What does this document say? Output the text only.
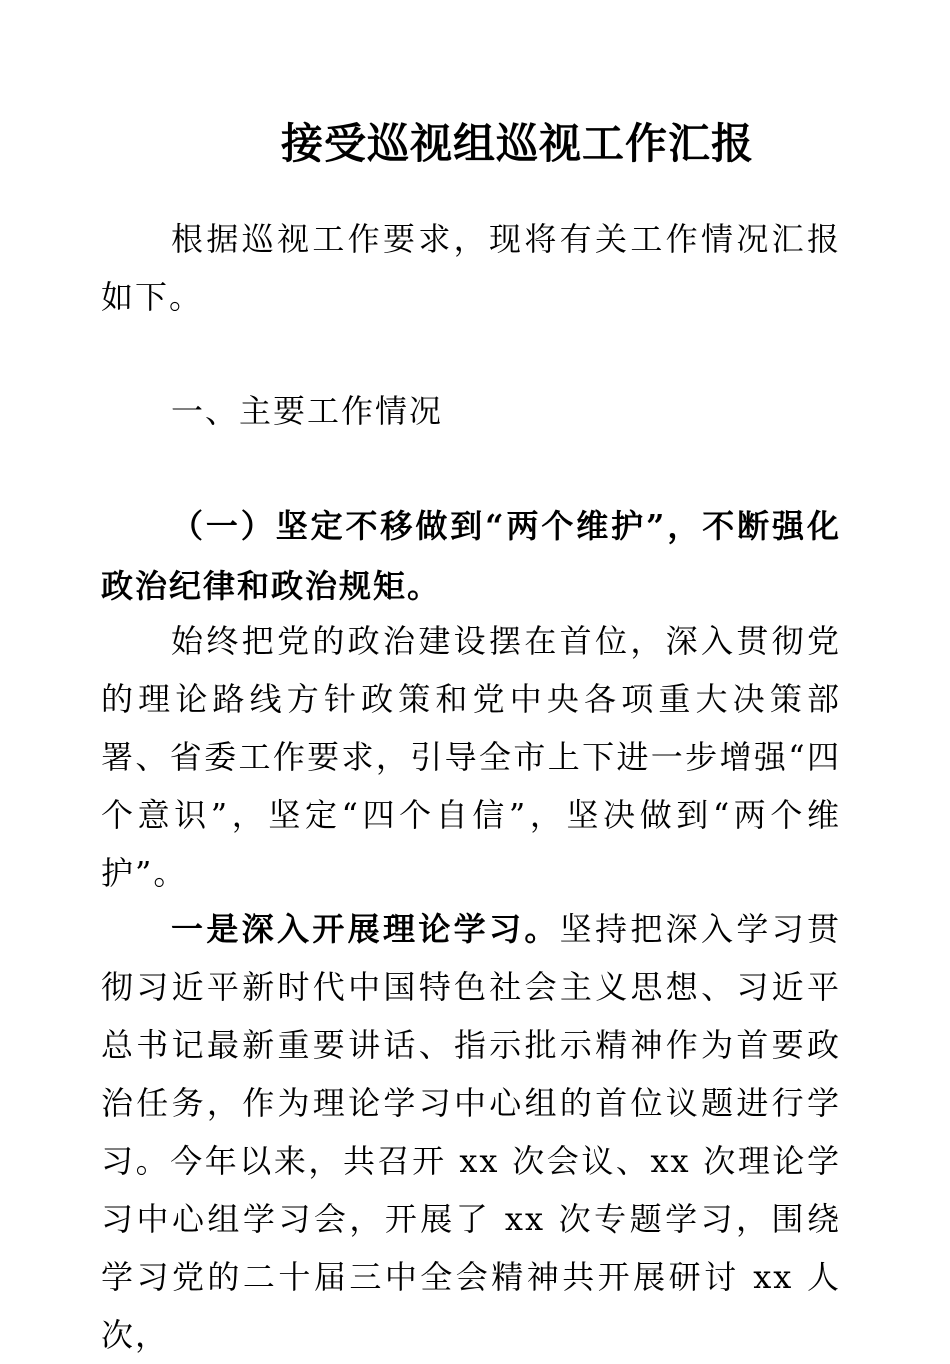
接受巡视组巡视工作汇报

根据巡视工作要求，现将有关工作情况汇报如下。

一、主要工作情况

（一）坚定不移做到“两个维护”，不断强化政治纪律和政治规矩。

始终把党的政治建设摆在首位，深入贯彻党的理论路线方针政策和党中央各项重大决策部署、省委工作要求，引导全市上下进一步增强“四个意识”，坚定“四个自信”，坚决做到“两个维护”。

一是深入开展理论学习。坚持把深入学习贯彻习近平新时代中国特色社会主义思想、习近平总书记最新重要讲话、指示批示精神作为首要政治任务，作为理论学习中心组的首位议题进行学习。今年以来，共召开 xx 次会议、xx 次理论学习中心组学习会，开展了 xx 次专题学习，围绕学习党的二十届三中全会精神共开展研讨 xx 人次，
